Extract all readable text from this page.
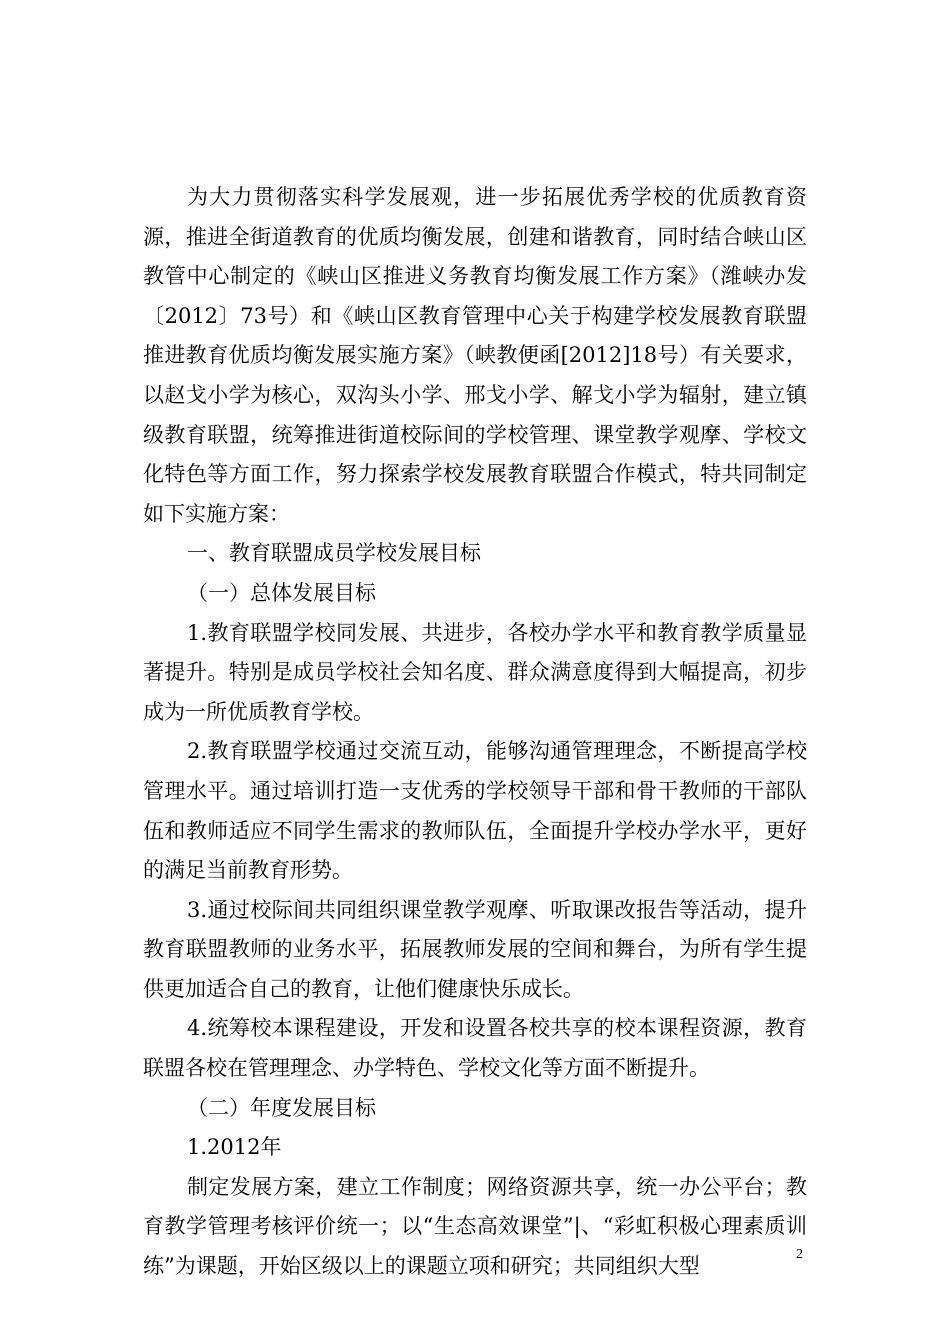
为大力贯彻落实科学发展观，进一步拓展优秀学校的优质教育资源，推进全街道教育的优质均衡发展，创建和谐教育，同时结合峡山区教管中心制定的《峡山区推进义务教育均衡发展工作方案》（潍峡办发〔2012〕73号）和《峡山区教育管理中心关于构建学校发展教育联盟推进教育优质均衡发展实施方案》（峡教便函[2012]18号）有关要求，以赵戈小学为核心，双沟头小学、邢戈小学、解戈小学为辐射，建立镇级教育联盟，统筹推进街道校际间的学校管理、课堂教学观摩、学校文化特色等方面工作，努力探索学校发展教育联盟合作模式，特共同制定如下实施方案：

一、教育联盟成员学校发展目标

（一）总体发展目标

1.教育联盟学校同发展、共进步，各校办学水平和教育教学质量显著提升。特别是成员学校社会知名度、群众满意度得到大幅提高，初步成为一所优质教育学校。

2.教育联盟学校通过交流互动，能够沟通管理理念，不断提高学校管理水平。通过培训打造一支优秀的学校领导干部和骨干教师的干部队伍和教师适应不同学生需求的教师队伍，全面提升学校办学水平，更好的满足当前教育形势。

3.通过校际间共同组织课堂教学观摩、听取课改报告等活动，提升教育联盟教师的业务水平，拓展教师发展的空间和舞台，为所有学生提供更加适合自己的教育，让他们健康快乐成长。

4.统筹校本课程建设，开发和设置各校共享的校本课程资源，教育联盟各校在管理理念、办学特色、学校文化等方面不断提升。

（二）年度发展目标

1.2012年

制定发展方案，建立工作制度；网络资源共享，统一办公平台；教育教学管理考核评价统一；以“生态高效课堂”|、“彩虹积极心理素质训练”为课题，开始区级以上的课题立项和研究；共同组织大型	2
